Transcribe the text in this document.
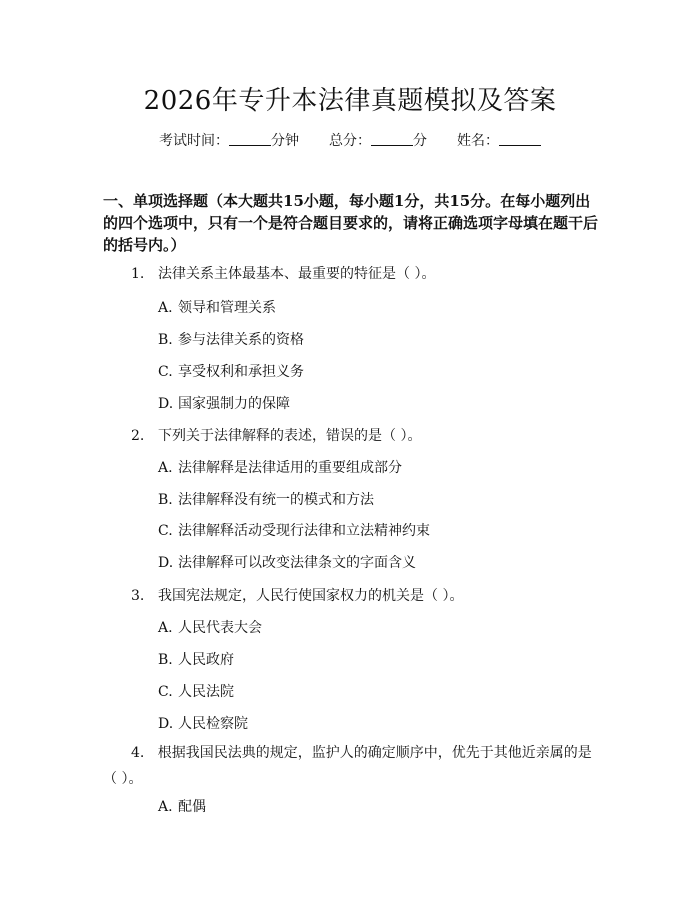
2026年专升本法律真题模拟及答案
考试时间：	分钟 总分：	分 姓名：
一、单项选择题（本大题共15小题，每小题1分，共15分。在每小题列出的四个选项中，只有一个是符合题目要求的，请将正确选项字母填在题干后的括号内。）
1. 法律关系主体最基本、最重要的特征是（ ）。
A. 领导和管理关系
B. 参与法律关系的资格
C. 享受权利和承担义务
D. 国家强制力的保障
2. 下列关于法律解释的表述，错误的是（ ）。
A. 法律解释是法律适用的重要组成部分
B. 法律解释没有统一的模式和方法
C. 法律解释活动受现行法律和立法精神约束
D. 法律解释可以改变法律条文的字面含义
3. 我国宪法规定，人民行使国家权力的机关是（ ）。
A. 人民代表大会
B. 人民政府
C. 人民法院
D. 人民检察院
4. 根据我国民法典的规定，监护人的确定顺序中，优先于其他近亲属的是（ ）。
A. 配偶
